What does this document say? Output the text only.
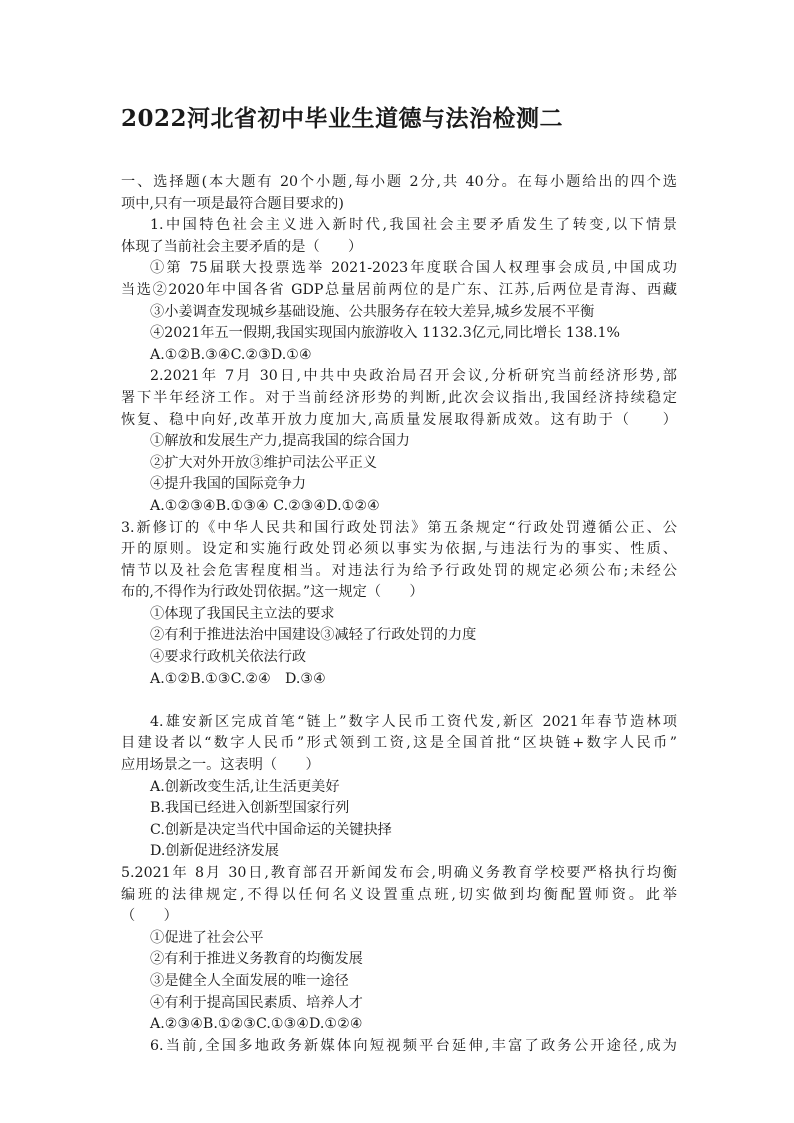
2022河北省初中毕业生道德与法治检测二
一、选择题(本大题有 20个小题,每小题 2分,共 40分。在每小题给出的四个选
项中,只有一项是最符合题目要求的)
1.中国特色社会主义进入新时代,我国社会主要矛盾发生了转变,以下情景
体现了当前社会主要矛盾的是（　　）
①第 75届联大投票选举 2021-2023年度联合国人权理事会成员,中国成功
当选②2020年中国各省 GDP总量居前两位的是广东、江苏,后两位是青海、西藏
③小姜调查发现城乡基础设施、公共服务存在较大差异,城乡发展不平衡
④2021年五一假期,我国实现国内旅游收入 1132.3亿元,同比增长 138.1%
A.①②B.③④C.②③D.①④
2.2021年 7月 30日,中共中央政治局召开会议,分析研究当前经济形势,部
署下半年经济工作。对于当前经济形势的判断,此次会议指出,我国经济持续稳定
恢复、稳中向好,改革开放力度加大,高质量发展取得新成效。这有助于（　　）
①解放和发展生产力,提高我国的综合国力
②扩大对外开放③维护司法公平正义
④提升我国的国际竞争力
A.①②③④B.①③④ C.②③④D.①②④
3.新修订的《中华人民共和国行政处罚法》第五条规定“行政处罚遵循公正、公
开的原则。设定和实施行政处罚必须以事实为依据,与违法行为的事实、性质、
情节以及社会危害程度相当。对违法行为给予行政处罚的规定必须公布;未经公
布的,不得作为行政处罚依据。”这一规定（　　）
①体现了我国民主立法的要求
②有利于推进法治中国建设③减轻了行政处罚的力度
④要求行政机关依法行政
A.①②B.①③C.②④　D.③④
4.雄安新区完成首笔“链上”数字人民币工资代发,新区 2021年春节造林项
目建设者以“数字人民币”形式领到工资,这是全国首批“区块链+数字人民币”
应用场景之一。这表明（　　）
A.创新改变生活,让生活更美好
B.我国已经进入创新型国家行列
C.创新是决定当代中国命运的关键抉择
D.创新促进经济发展
5.2021年 8月 30日,教育部召开新闻发布会,明确义务教育学校要严格执行均衡
编班的法律规定,不得以任何名义设置重点班,切实做到均衡配置师资。此举
（　　）
①促进了社会公平
②有利于推进义务教育的均衡发展
③是健全人全面发展的唯一途径
④有利于提高国民素质、培养人才
A.②③④B.①②③C.①③④D.①②④
6.当前,全国多地政务新媒体向短视频平台延伸,丰富了政务公开途径,成为
